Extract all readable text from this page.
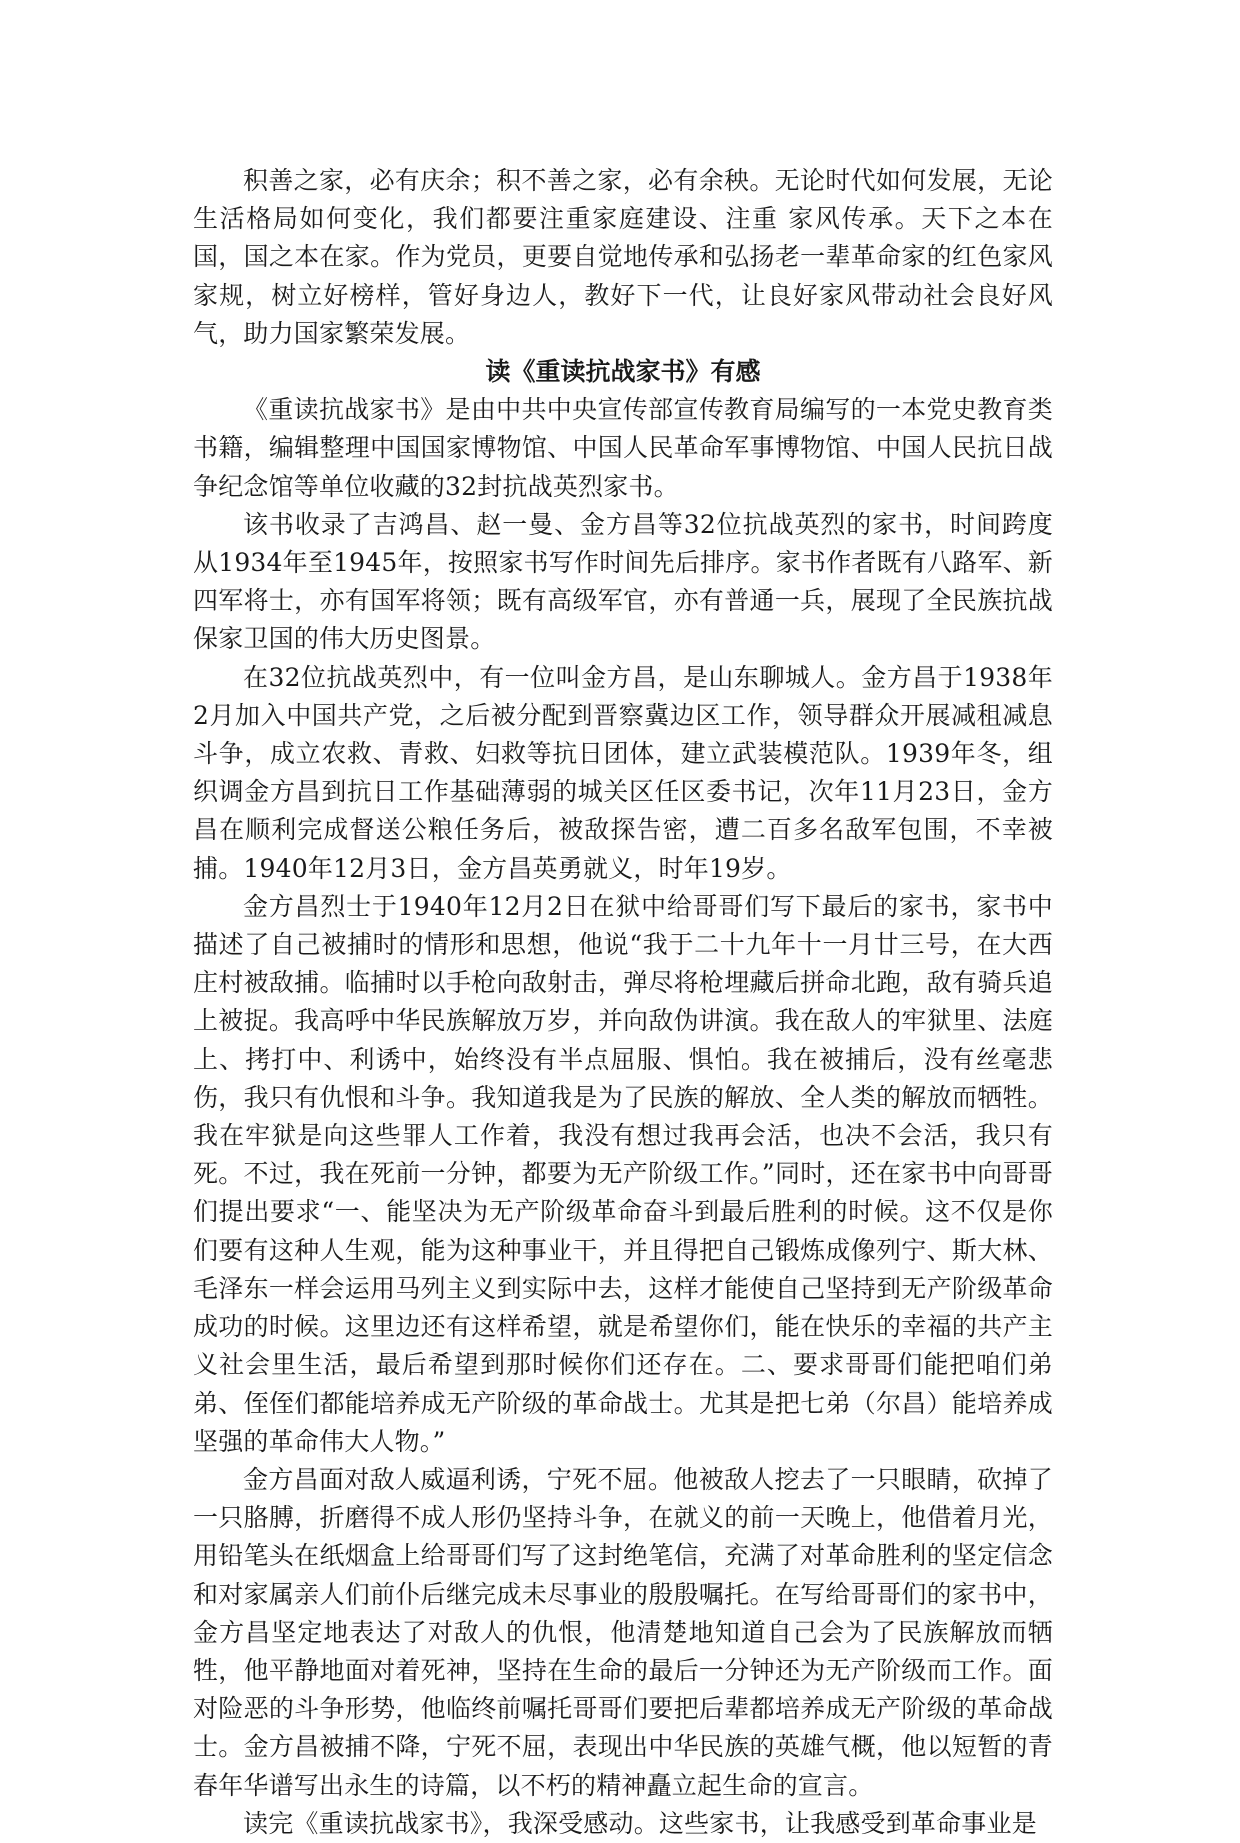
积善之家，必有庆余；积不善之家，必有余秧。无论时代如何发展，无论生活格局如何变化，我们都要注重家庭建设、注重 家风传承。天下之本在国，国之本在家。作为党员，更要自觉地传承和弘扬老一辈革命家的红色家风家规，树立好榜样，管好身边人，教好下一代，让良好家风带动社会良好风气，助力国家繁荣发展。

读《重读抗战家书》有感

《重读抗战家书》是由中共中央宣传部宣传教育局编写的一本党史教育类书籍，编辑整理中国国家博物馆、中国人民革命军事博物馆、中国人民抗日战争纪念馆等单位收藏的32封抗战英烈家书。

该书收录了吉鸿昌、赵一曼、金方昌等32位抗战英烈的家书，时间跨度从1934年至1945年，按照家书写作时间先后排序。家书作者既有八路军、新四军将士，亦有国军将领；既有高级军官，亦有普通一兵，展现了全民族抗战保家卫国的伟大历史图景。

在32位抗战英烈中，有一位叫金方昌，是山东聊城人。金方昌于1938年2月加入中国共产党，之后被分配到晋察冀边区工作，领导群众开展减租减息斗争，成立农救、青救、妇救等抗日团体，建立武装模范队。1939年冬，组织调金方昌到抗日工作基础薄弱的城关区任区委书记，次年11月23日，金方昌在顺利完成督送公粮任务后，被敌探告密，遭二百多名敌军包围，不幸被捕。1940年12月3日，金方昌英勇就义，时年19岁。

金方昌烈士于1940年12月2日在狱中给哥哥们写下最后的家书，家书中描述了自己被捕时的情形和思想，他说“我于二十九年十一月廿三号，在大西庄村被敌捕。临捕时以手枪向敌射击，弹尽将枪埋藏后拼命北跑，敌有骑兵追上被捉。我高呼中华民族解放万岁，并向敌伪讲演。我在敌人的牢狱里、法庭上、拷打中、利诱中，始终没有半点屈服、惧怕。我在被捕后，没有丝毫悲伤，我只有仇恨和斗争。我知道我是为了民族的解放、全人类的解放而牺牲。我在牢狱是向这些罪人工作着，我没有想过我再会活，也决不会活，我只有死。不过，我在死前一分钟，都要为无产阶级工作。”同时，还在家书中向哥哥们提出要求“一、能坚决为无产阶级革命奋斗到最后胜利的时候。这不仅是你们要有这种人生观，能为这种事业干，并且得把自己锻炼成像列宁、斯大林、毛泽东一样会运用马列主义到实际中去，这样才能使自己坚持到无产阶级革命成功的时候。这里边还有这样希望，就是希望你们，能在快乐的幸福的共产主义社会里生活，最后希望到那时候你们还存在。二、要求哥哥们能把咱们弟弟、侄侄们都能培养成无产阶级的革命战士。尤其是把七弟（尔昌）能培养成坚强的革命伟大人物。”

金方昌面对敌人威逼利诱，宁死不屈。他被敌人挖去了一只眼睛，砍掉了一只胳膊，折磨得不成人形仍坚持斗争，在就义的前一天晚上，他借着月光，用铅笔头在纸烟盒上给哥哥们写了这封绝笔信，充满了对革命胜利的坚定信念和对家属亲人们前仆后继完成未尽事业的殷殷嘱托。在写给哥哥们的家书中，金方昌坚定地表达了对敌人的仇恨，他清楚地知道自己会为了民族解放而牺牲，他平静地面对着死神，坚持在生命的最后一分钟还为无产阶级而工作。面对险恶的斗争形势，他临终前嘱托哥哥们要把后辈都培养成无产阶级的革命战士。金方昌被捕不降，宁死不屈，表现出中华民族的英雄气概，他以短暂的青春年华谱写出永生的诗篇，以不朽的精神矗立起生命的宣言。

读完《重读抗战家书》，我深受感动。这些家书，让我感受到革命事业是
